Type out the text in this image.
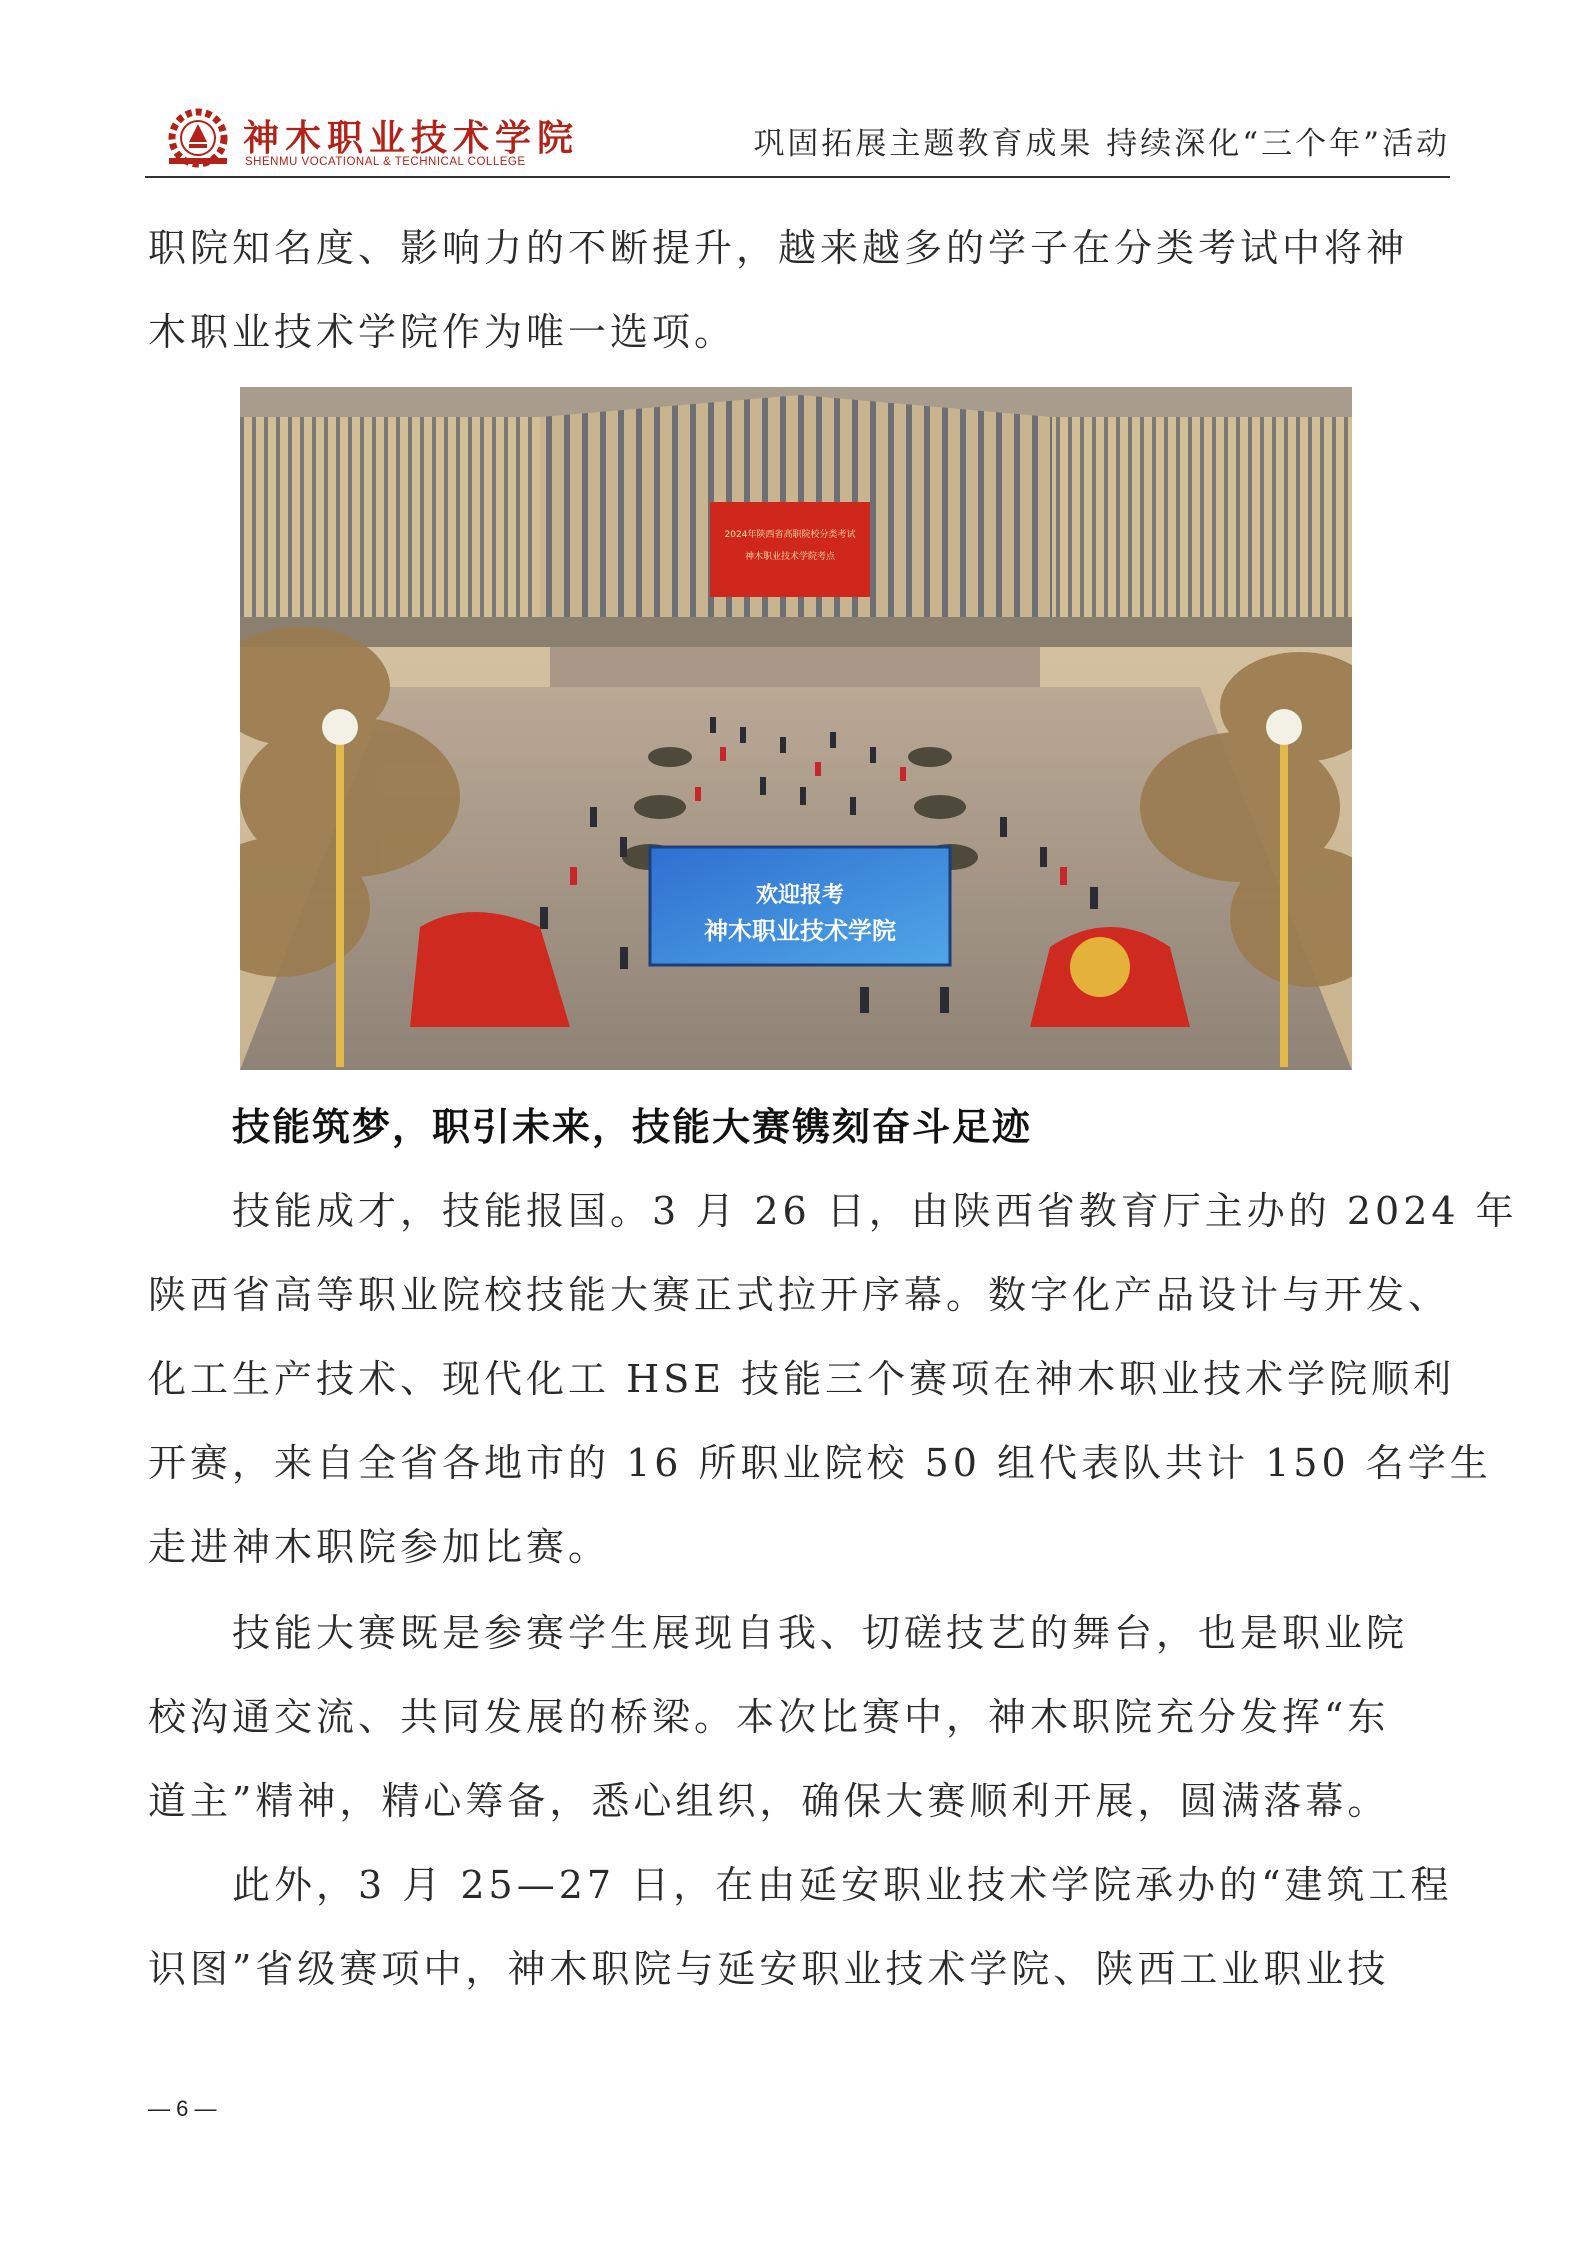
神木职业技术学院
SHENMU VOCATIONAL & TECHNICAL COLLEGE	巩固拓展主题教育成果 持续深化“三个年”活动

职院知名度、影响力的不断提升，越来越多的学子在分类考试中将神
木职业技术学院作为唯一选项。

2024年陕西省高职院校分类考试
神木职业技术学院考点
欢迎报考
神木职业技术学院
技能筑梦，职引未来，技能大赛镌刻奋斗足迹

　　技能成才，技能报国。3 月 26 日，由陕西省教育厅主办的 2024 年
陕西省高等职业院校技能大赛正式拉开序幕。数字化产品设计与开发、
化工生产技术、现代化工 HSE 技能三个赛项在神木职业技术学院顺利
开赛，来自全省各地市的 16 所职业院校 50 组代表队共计 150 名学生
走进神木职院参加比赛。

　　技能大赛既是参赛学生展现自我、切磋技艺的舞台，也是职业院
校沟通交流、共同发展的桥梁。本次比赛中，神木职院充分发挥“东
道主”精神，精心筹备，悉心组织，确保大赛顺利开展，圆满落幕。

　　此外，3 月 25—27 日，在由延安职业技术学院承办的“建筑工程
识图”省级赛项中，神木职院与延安职业技术学院、陕西工业职业技

— 6 —
